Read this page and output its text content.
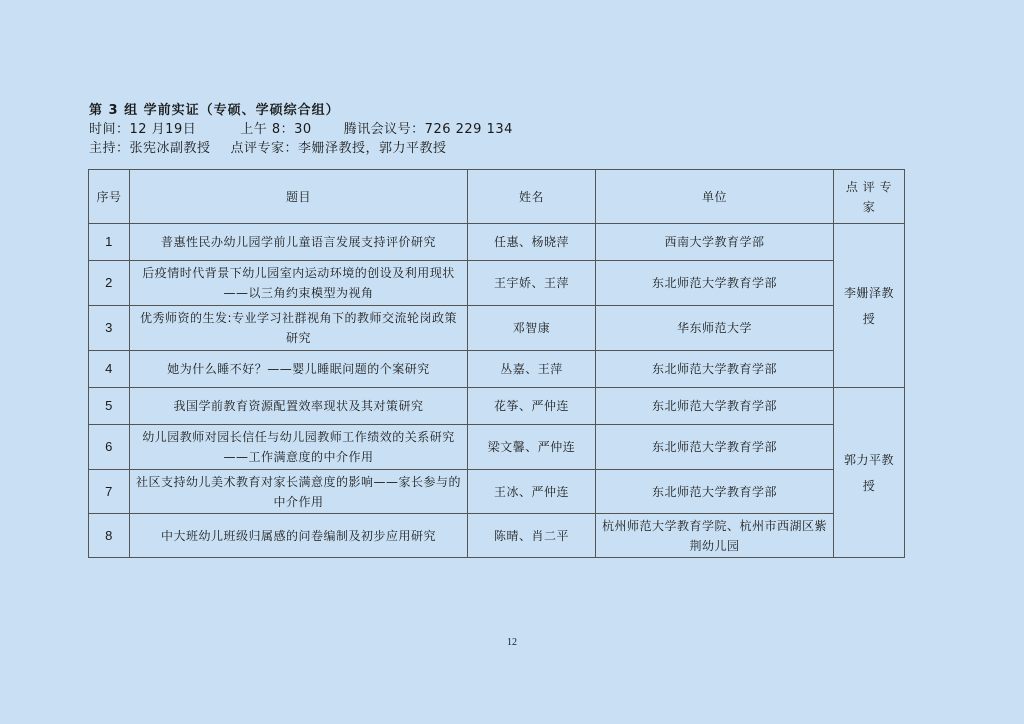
第 3 组 学前实证（专硕、学硕综合组）
时间：12 月19日	上午 8：30 腾讯会议号：726 229 134
主持：张宪冰副教授 点评专家：李姗泽教授，郭力平教授
序号	题目	姓名	单位	点 评 专 家
1	普惠性民办幼儿园学前儿童语言发展支持评价研究	任惠、杨晓萍	西南大学教育学部	李姗泽教授
2	后疫情时代背景下幼儿园室内运动环境的创设及利用现状——以三角约束模型为视角	王宇娇、王萍	东北师范大学教育学部	
3	优秀师资的生发:专业学习社群视角下的教师交流轮岗政策研究	邓智康	华东师范大学	
4	她为什么睡不好？——婴儿睡眠问题的个案研究	丛嘉、王萍	东北师范大学教育学部	
5	我国学前教育资源配置效率现状及其对策研究	花筝、严仲连	东北师范大学教育学部	郭力平教授
6	幼儿园教师对园长信任与幼儿园教师工作绩效的关系研究——工作满意度的中介作用	梁文馨、严仲连	东北师范大学教育学部	
7	社区支持幼儿美术教育对家长满意度的影响——家长参与的中介作用	王冰、严仲连	东北师范大学教育学部	
8	中大班幼儿班级归属感的问卷编制及初步应用研究	陈晴、肖二平	杭州师范大学教育学院、杭州市西湖区紫荆幼儿园	
12
